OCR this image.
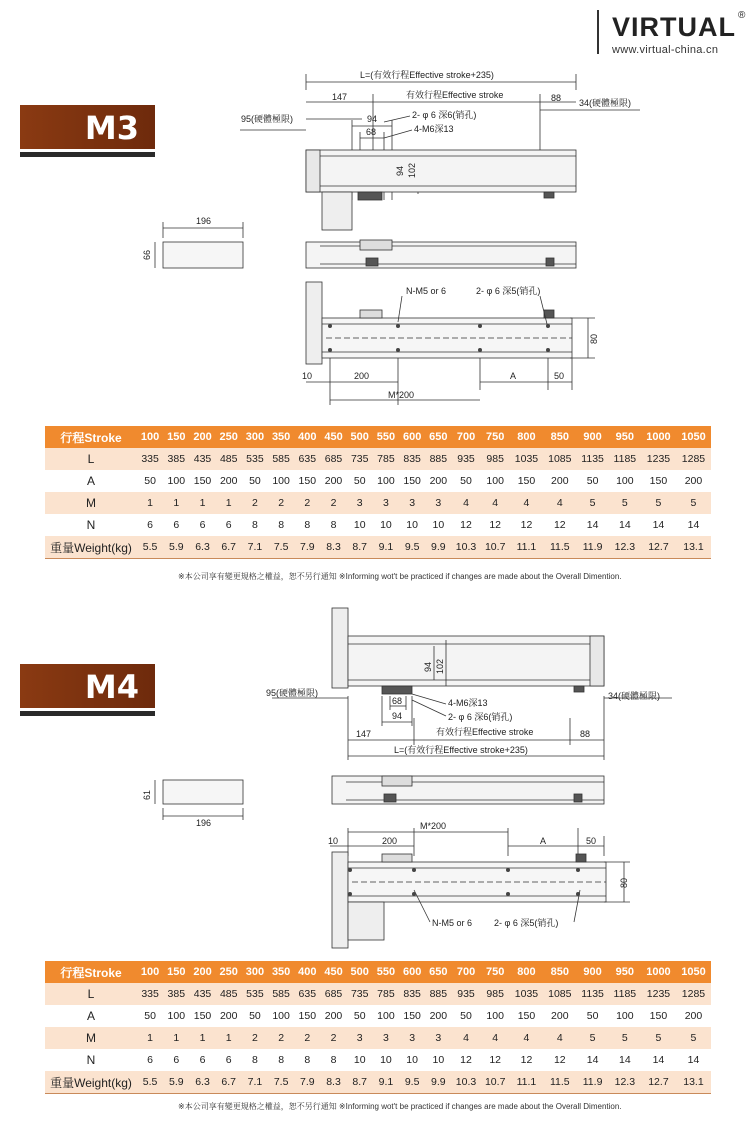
VIRTUAL ®
www.virtual-china.cn
M3
L=(有效行程Effective stroke+235)
147	有效行程Effective stroke	88
95(硬體極限)
34(硬體極限)
94
68
2- φ 6 深6(销孔)
4-M6深13
94 102
196
66
N-M5 or 6	2- φ 6 深5(销孔)
80
10	200	A	50
M*200
行程Stroke	100	150	200	250	300	350	400	450	500	550	600	650	700	750	800	850	900	950	1000	1050
L	335	385	435	485	535	585	635	685	735	785	835	885	935	985	1035	1085	1135	1185	1235	1285
A	50	100	150	200	50	100	150	200	50	100	150	200	50	100	150	200	50	100	150	200
M	1	1	1	1	2	2	2	2	3	3	3	3	4	4	4	4	5	5	5	5
N	6	6	6	6	8	8	8	8	10	10	10	10	12	12	12	12	14	14	14	14
重量Weight(kg)	5.5	5.9	6.3	6.7	7.1	7.5	7.9	8.3	8.7	9.1	9.5	9.9	10.3	10.7	11.1	11.5	11.9	12.3	12.7	13.1
※本公司享有變更規格之權益，恕不另行通知 ※Informing wot't be practiced if changes are made about the Overall Dimention.
M4
94 102
95(硬體極限)	34(硬體極限)
68
94
4-M6深13
2- φ 6 深6(销孔)
147	有效行程Effective stroke	88
L=(有效行程Effective stroke+235)
61
196	M*200
10	200	A	50
80
N-M5 or 6 2- φ 6 深5(销孔)
行程Stroke	100	150	200	250	300	350	400	450	500	550	600	650	700	750	800	850	900	950	1000	1050
L	335	385	435	485	535	585	635	685	735	785	835	885	935	985	1035	1085	1135	1185	1235	1285
A	50	100	150	200	50	100	150	200	50	100	150	200	50	100	150	200	50	100	150	200
M	1	1	1	1	2	2	2	2	3	3	3	3	4	4	4	4	5	5	5	5
N	6	6	6	6	8	8	8	8	10	10	10	10	12	12	12	12	14	14	14	14
重量Weight(kg)	5.5	5.9	6.3	6.7	7.1	7.5	7.9	8.3	8.7	9.1	9.5	9.9	10.3	10.7	11.1	11.5	11.9	12.3	12.7	13.1
※本公司享有變更規格之權益，恕不另行通知 ※Informing wot't be practiced if changes are made about the Overall Dimention.
